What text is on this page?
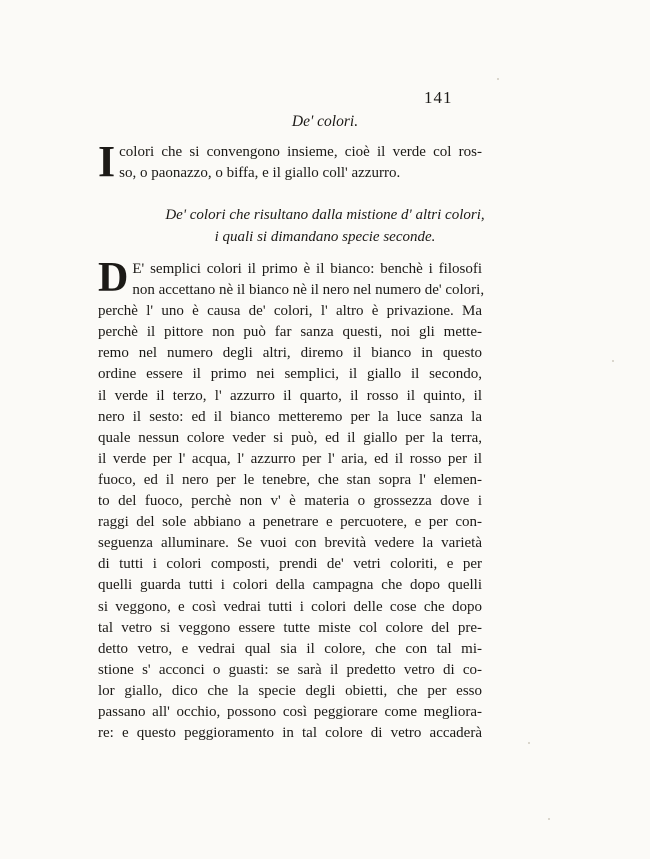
141
De' colori.
I colori che si convengono insieme, cioè il verde col ros-
so, o paonazzo, o biffa, e il giallo coll' azzurro.
De' colori che risultano dalla mistione d' altri colori,
i quali si dimandano specie seconde.
D E' semplici colori il primo è il bianco: benchè i filosofi
non accettano nè il bianco nè il nero nel numero de' colori,
perchè l' uno è causa de' colori, l' altro è privazione. Ma
perchè il pittore non può far sanza questi, noi gli mette-
remo nel numero degli altri, diremo il bianco in questo
ordine essere il primo nei semplici, il giallo il secondo,
il verde il terzo, l' azzurro il quarto, il rosso il quinto, il
nero il sesto: ed il bianco metteremo per la luce sanza la
quale nessun colore veder si può, ed il giallo per la terra,
il verde per l' acqua, l' azzurro per l' aria, ed il rosso per il
fuoco, ed il nero per le tenebre, che stan sopra l' elemen-
to del fuoco, perchè non v' è materia o grossezza dove i
raggi del sole abbiano a penetrare e percuotere, e per con-
seguenza alluminare. Se vuoi con brevità vedere la varietà
di tutti i colori composti, prendi de' vetri coloriti, e per
quelli guarda tutti i colori della campagna che dopo quelli
si veggono, e così vedrai tutti i colori delle cose che dopo
tal vetro si veggono essere tutte miste col colore del pre-
detto vetro, e vedrai qual sia il colore, che con tal mi-
stione s' acconci o guasti: se sarà il predetto vetro di co-
lor giallo, dico che la specie degli obietti, che per esso
passano all' occhio, possono così peggiorare come megliora-
re: e questo peggioramento in tal colore di vetro accaderà
